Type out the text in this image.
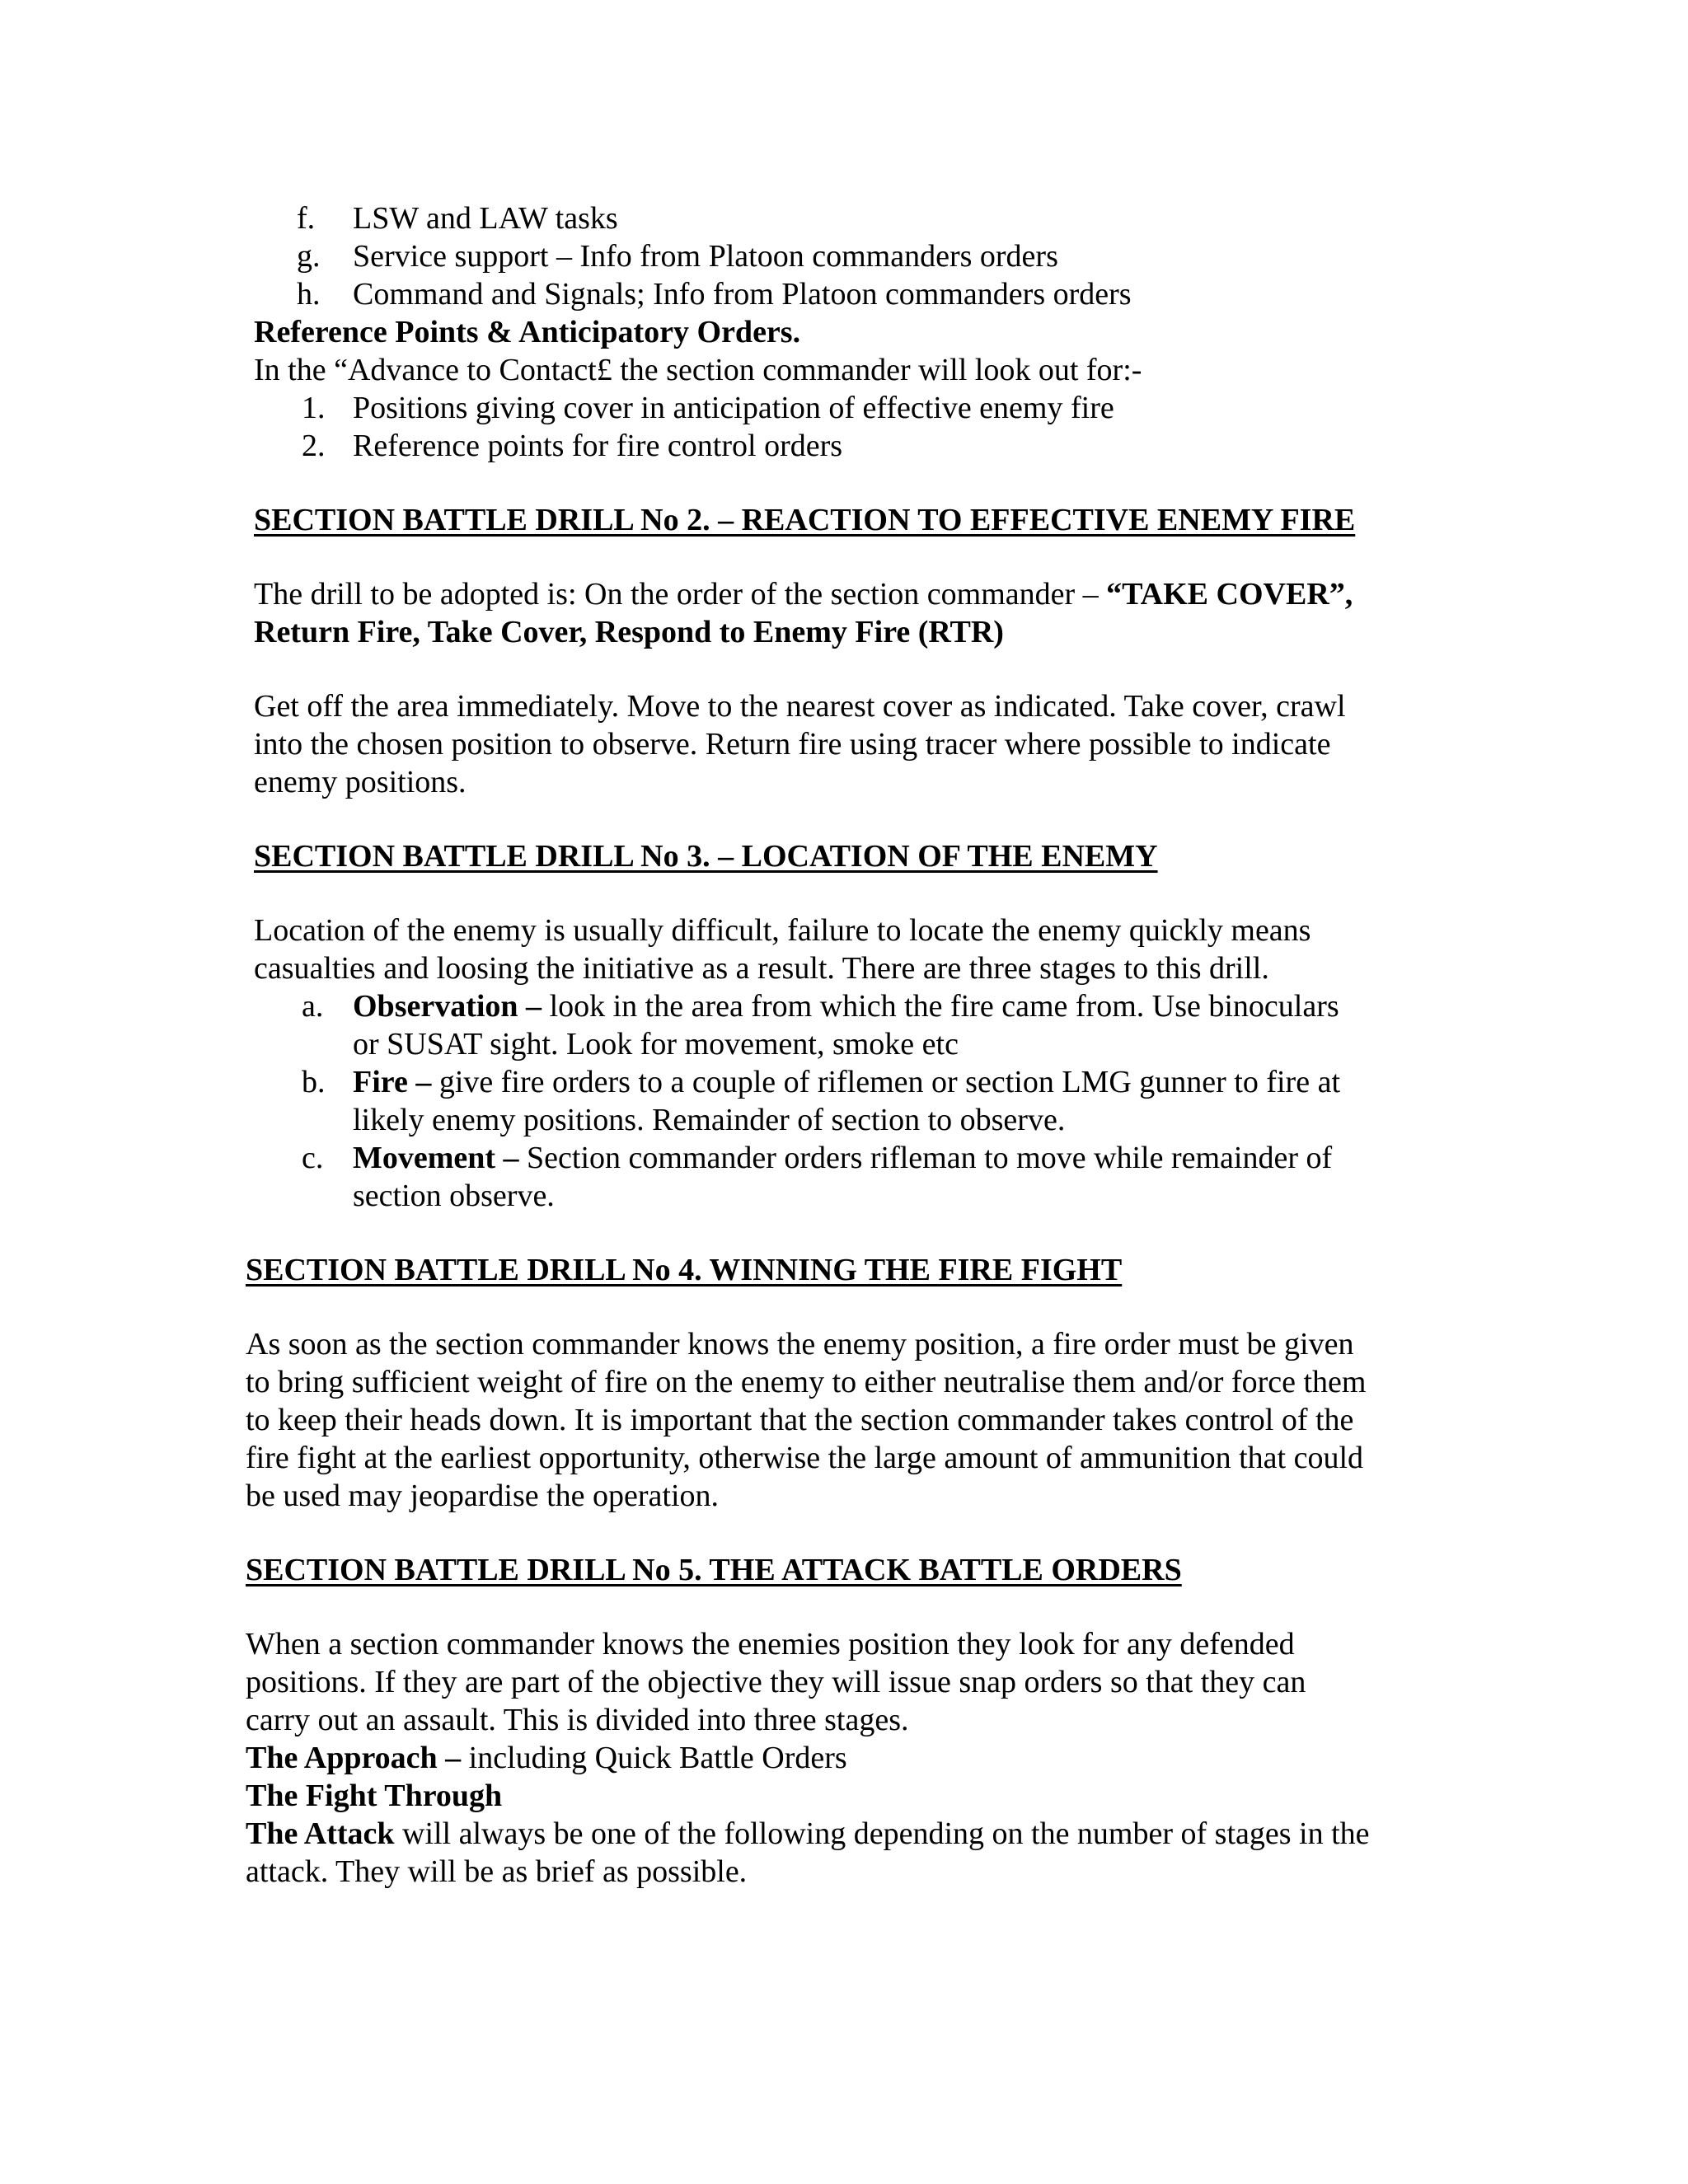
f. LSW and LAW tasks
g. Service support – Info from Platoon commanders orders
h. Command and Signals; Info from Platoon commanders orders
Reference Points & Anticipatory Orders.
In the “Advance to Contact£ the section commander will look out for:-
1. Positions giving cover in anticipation of effective enemy fire
2. Reference points for fire control orders
SECTION BATTLE DRILL No 2. – REACTION TO EFFECTIVE ENEMY FIRE
The drill to be adopted is: On the order of the section commander – “TAKE COVER”,
Return Fire, Take Cover, Respond to Enemy Fire (RTR)
Get off the area immediately. Move to the nearest cover as indicated. Take cover, crawl
into the chosen position to observe. Return fire using tracer where possible to indicate
enemy positions.
SECTION BATTLE DRILL No 3. – LOCATION OF THE ENEMY
Location of the enemy is usually difficult, failure to locate the enemy quickly means
casualties and loosing the initiative as a result. There are three stages to this drill.
a. Observation – look in the area from which the fire came from. Use binoculars
or SUSAT sight. Look for movement, smoke etc
b. Fire – give fire orders to a couple of riflemen or section LMG gunner to fire at
likely enemy positions. Remainder of section to observe.
c. Movement – Section commander orders rifleman to move while remainder of
section observe.
SECTION BATTLE DRILL No 4. WINNING THE FIRE FIGHT
As soon as the section commander knows the enemy position, a fire order must be given
to bring sufficient weight of fire on the enemy to either neutralise them and/or force them
to keep their heads down. It is important that the section commander takes control of the
fire fight at the earliest opportunity, otherwise the large amount of ammunition that could
be used may jeopardise the operation.
SECTION BATTLE DRILL No 5. THE ATTACK BATTLE ORDERS
When a section commander knows the enemies position they look for any defended
positions. If they are part of the objective they will issue snap orders so that they can
carry out an assault. This is divided into three stages.
The Approach – including Quick Battle Orders
The Fight Through
The Attack will always be one of the following depending on the number of stages in the
attack. They will be as brief as possible.
